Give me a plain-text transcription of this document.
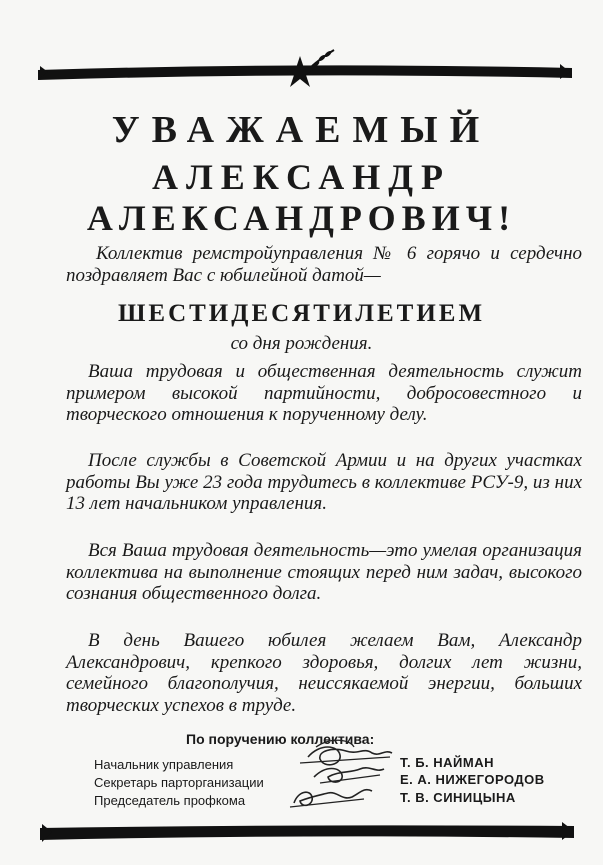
УВАЖАЕМЫЙ
АЛЕКСАНДР
АЛЕКСАНДРОВИЧ!
Коллектив ремстройуправления № 6 горячо и сердечно поздравляет Вас с юбилейной датой—
ШЕСТИДЕСЯТИЛЕТИЕМ
со дня рождения.
Ваша трудовая и общественная деятельность служит примером высокой партийности, добросовестного и творческого отношения к порученному делу.
После службы в Советской Армии и на других участках работы Вы уже 23 года трудитесь в коллективе РСУ-9, из них 13 лет начальником управления.
Вся Ваша трудовая деятельность—это умелая организация коллектива на выполнение стоящих перед ним задач, высокого сознания общественного долга.
В день Вашего юбилея желаем Вам, Александр Александрович, крепкого здоровья, долгих лет жизни, семейного благополучия, неиссякаемой энергии, больших творческих успехов в труде.
По поручению коллектива:
Начальник управления	Т. Б. НАЙМАН
Секретарь парторганизации	Е. А. НИЖЕГОРОДОВ
Председатель профкома	Т. В. СИНИЦЫНА
